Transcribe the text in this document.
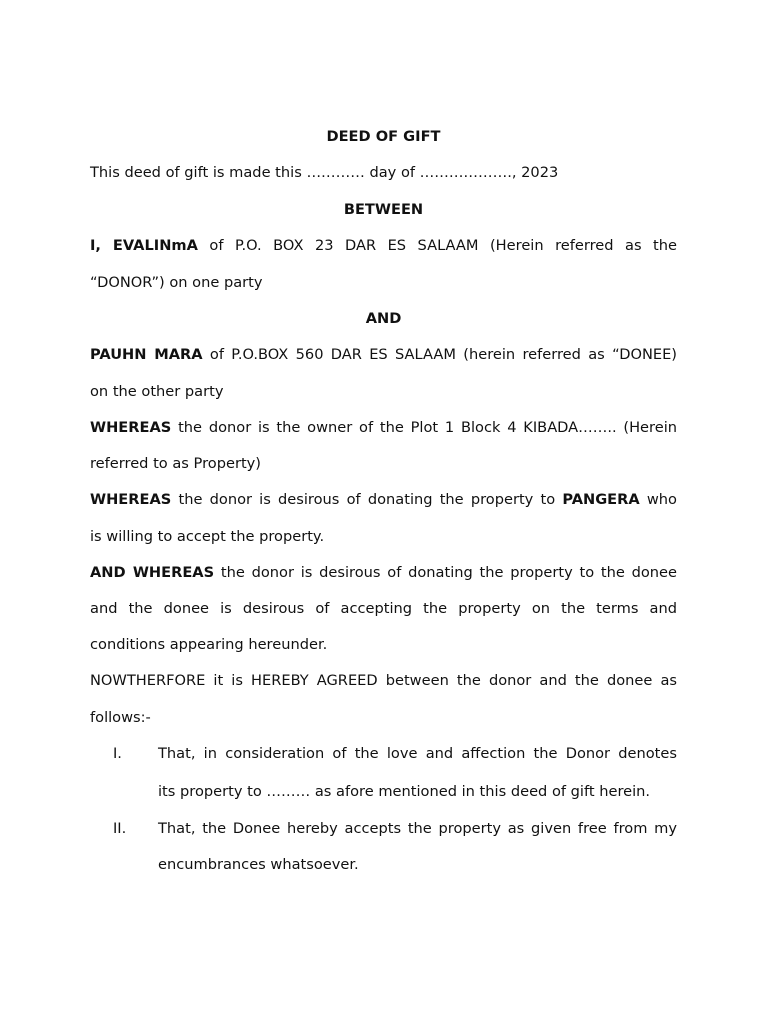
DEED OF GIFT
This deed of gift is made this ………… day of ………………., 2023
BETWEEN
I, EVALINmA of P.O. BOX 23 DAR ES SALAAM (Herein referred as the
“DONOR”) on one party
AND
PAUHN MARA of P.O.BOX 560 DAR ES SALAAM (herein referred as “DONEE)
on the other party
WHEREAS the donor is the owner of the Plot 1 Block 4 KIBADA…….. (Herein
referred to as Property)
WHEREAS the donor is desirous of donating the property to PANGERA who
is willing to accept the property.
AND WHEREAS the donor is desirous of donating the property to the donee
and the donee is desirous of accepting the property on the terms and
conditions appearing hereunder.
NOWTHERFORE it is HEREBY AGREED between the donor and the donee as
follows:-
I. That, in consideration of the love and affection the Donor denotes
its property to ……… as afore mentioned in this deed of gift herein.
II. That, the Donee hereby accepts the property as given free from my
encumbrances whatsoever.
